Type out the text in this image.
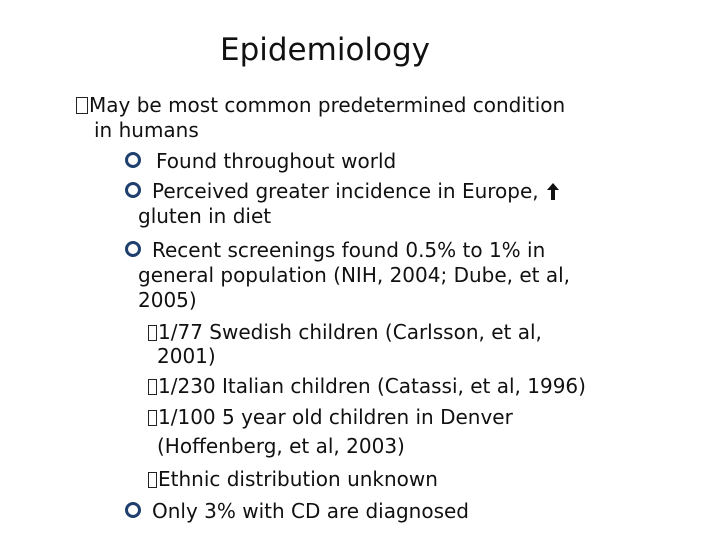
Epidemiology
May be most common predetermined condition
in humans
Found throughout world
Perceived greater incidence in Europe,
gluten in diet
Recent screenings found 0.5% to 1% in
general population (NIH, 2004; Dube, et al,
2005)
1/77 Swedish children (Carlsson, et al,
2001)
1/230 Italian children (Catassi, et al, 1996)
1/100 5 year old children in Denver
(Hoffenberg, et al, 2003)
Ethnic distribution unknown
Only 3% with CD are diagnosed
